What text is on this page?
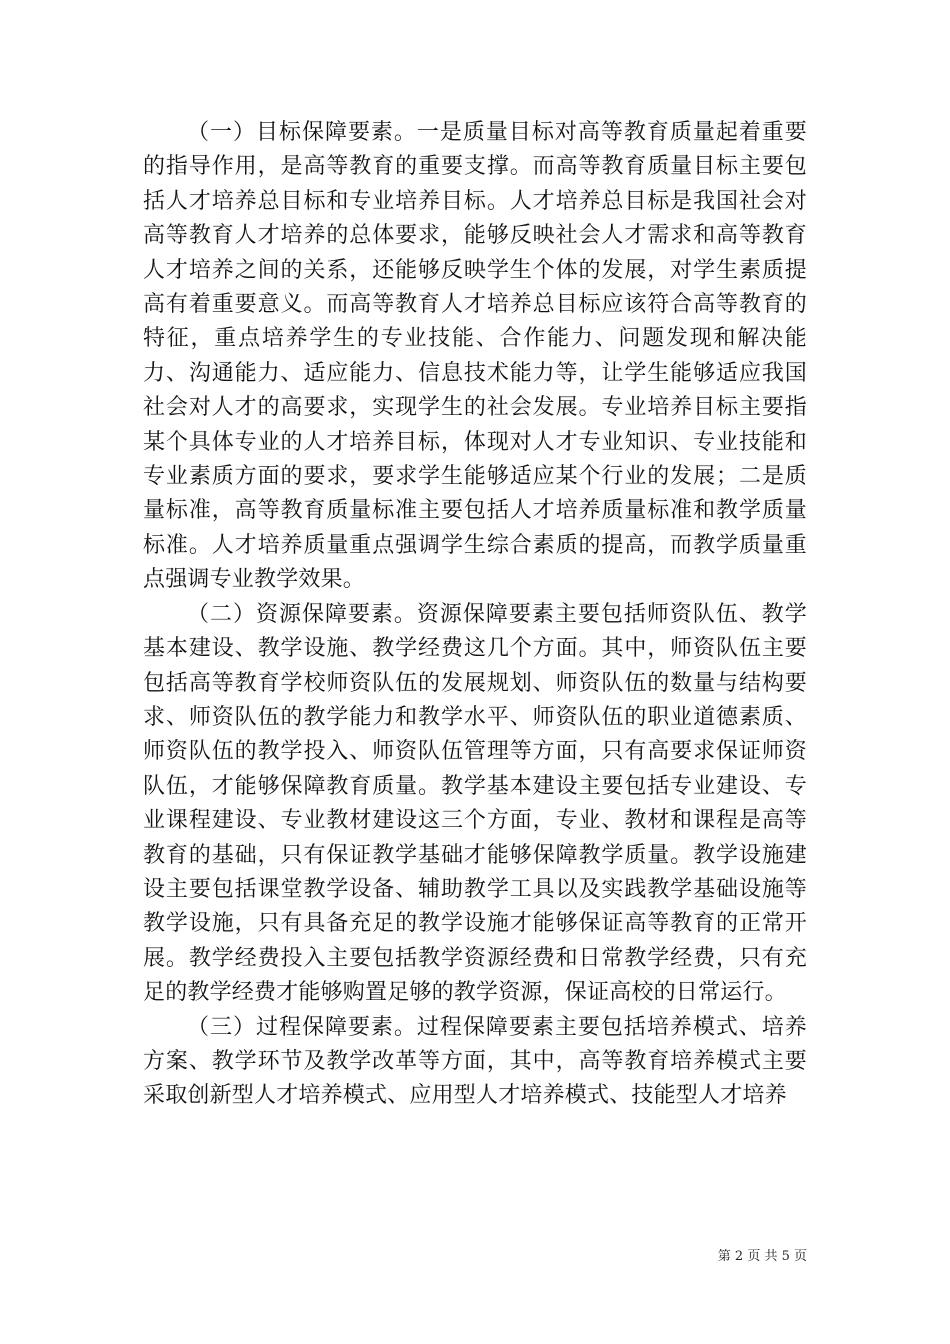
（一）目标保障要素。一是质量目标对高等教育质量起着重要的指导作用，是高等教育的重要支撑。而高等教育质量目标主要包括人才培养总目标和专业培养目标。人才培养总目标是我国社会对高等教育人才培养的总体要求，能够反映社会人才需求和高等教育人才培养之间的关系，还能够反映学生个体的发展，对学生素质提高有着重要意义。而高等教育人才培养总目标应该符合高等教育的特征，重点培养学生的专业技能、合作能力、问题发现和解决能力、沟通能力、适应能力、信息技术能力等，让学生能够适应我国社会对人才的高要求，实现学生的社会发展。专业培养目标主要指某个具体专业的人才培养目标，体现对人才专业知识、专业技能和专业素质方面的要求，要求学生能够适应某个行业的发展；二是质量标准，高等教育质量标准主要包括人才培养质量标准和教学质量标准。人才培养质量重点强调学生综合素质的提高，而教学质量重点强调专业教学效果。

（二）资源保障要素。资源保障要素主要包括师资队伍、教学基本建设、教学设施、教学经费这几个方面。其中，师资队伍主要包括高等教育学校师资队伍的发展规划、师资队伍的数量与结构要求、师资队伍的教学能力和教学水平、师资队伍的职业道德素质、师资队伍的教学投入、师资队伍管理等方面，只有高要求保证师资队伍，才能够保障教育质量。教学基本建设主要包括专业建设、专业课程建设、专业教材建设这三个方面，专业、教材和课程是高等教育的基础，只有保证教学基础才能够保障教学质量。教学设施建设主要包括课堂教学设备、辅助教学工具以及实践教学基础设施等教学设施，只有具备充足的教学设施才能够保证高等教育的正常开展。教学经费投入主要包括教学资源经费和日常教学经费，只有充足的教学经费才能够购置足够的教学资源，保证高校的日常运行。

（三）过程保障要素。过程保障要素主要包括培养模式、培养方案、教学环节及教学改革等方面，其中，高等教育培养模式主要采取创新型人才培养模式、应用型人才培养模式、技能型人才培养

第 2 页 共 5 页
